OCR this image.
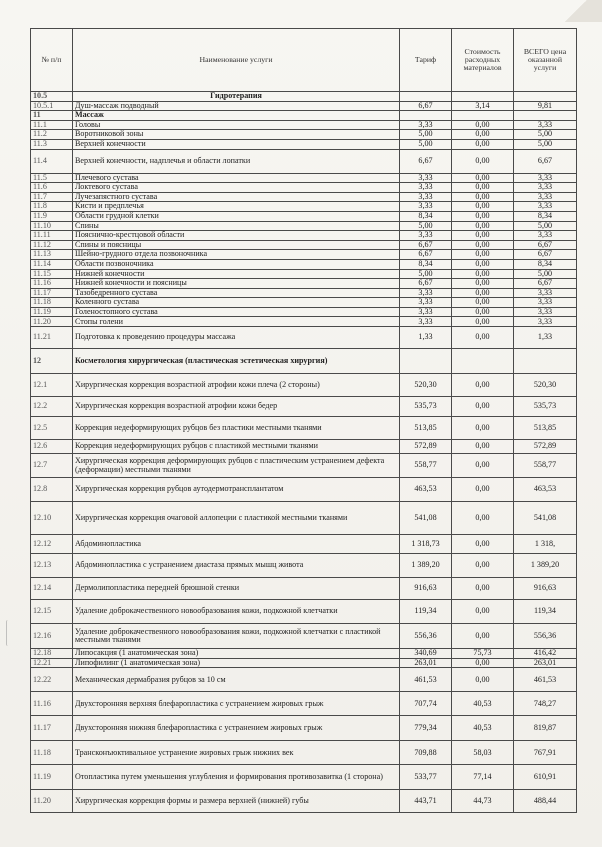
№ п/п	Наименование услуги	Тариф	Стоимость расходных материалов	ВСЕГО цена оказанной услуги
10.5	Гидротерапия			
10.5.1	Душ-массаж подводный	6,67	3,14	9,81
11	Массаж			
11.1	Головы	3,33	0,00	3,33
11.2	Воротниковой зоны	5,00	0,00	5,00
11.3	Верхней конечности	5,00	0,00	5,00
11.4	Верхней конечности, надплечья и области лопатки	6,67	0,00	6,67
11.5	Плечевого сустава	3,33	0,00	3,33
11.6	Локтевого сустава	3,33	0,00	3,33
11.7	Лучезапястного сустава	3,33	0,00	3,33
11.8	Кисти и предплечья	3,33	0,00	3,33
11.9	Области грудной клетки	8,34	0,00	8,34
11.10	Спины	5,00	0,00	5,00
11.11	Пояснично-крестцовой области	3,33	0,00	3,33
11.12	Спины и поясницы	6,67	0,00	6,67
11.13	Шейно-грудного отдела позвоночника	6,67	0,00	6,67
11.14	Области позвоночника	8,34	0,00	8,34
11.15	Нижней конечности	5,00	0,00	5,00
11.16	Нижней конечности и поясницы	6,67	0,00	6,67
11.17	Тазобедренного сустава	3,33	0,00	3,33
11.18	Коленного сустава	3,33	0,00	3,33
11.19	Голеностопного сустава	3,33	0,00	3,33
11.20	Стопы голени	3,33	0,00	3,33
11.21	Подготовка к проведению процедуры массажа	1,33	0,00	1,33
12	Косметология хирургическая (пластическая эстетическая хирургия)			
12.1	Хирургическая коррекция возрастной атрофии кожи плеча (2 стороны)	520,30	0,00	520,30
12.2	Хирургическая коррекция возрастной атрофии кожи бедер	535,73	0,00	535,73
12.5	Коррекция недеформирующих рубцов без пластики местными тканями	513,85	0,00	513,85
12.6	Коррекция недеформирующих рубцов с пластикой местными тканями	572,89	0,00	572,89
12.7	Хирургическая коррекция деформирующих рубцов с пластическим устранением дефекта (деформации) местными тканями	558,77	0,00	558,77
12.8	Хирургическая коррекция рубцов аутодермотрансплантатом	463,53	0,00	463,53
12.10	Хирургическая коррекция очаговой аллопеции с пластикой местными тканями	541,08	0,00	541,08
12.12	Абдоминопластика	1 318,73	0,00	1 318,
12.13	Абдоминопластика с устранением диастаза прямых мышц живота	1 389,20	0,00	1 389,20
12.14	Дермолипопластика передней брюшной стенки	916,63	0,00	916,63
12.15	Удаление доброкачественного новообразования кожи, подкожной клетчатки	119,34	0,00	119,34
12.16	Удаление доброкачественного новообразования кожи, подкожной клетчатки с пластикой местными тканями	556,36	0,00	556,36
12.18	Липосакция (1 анатомическая зона)	340,69	75,73	416,42
12.21	Липофилинг (1 анатомическая зона)	263,01	0,00	263,01
12.22	Механическая дермабразия рубцов за 10 см	461,53	0,00	461,53
11.16	Двухсторонняя верхняя блефаропластика с устранением жировых грыж	707,74	40,53	748,27
11.17	Двухсторонняя нижняя блефаропластика с устранением жировых грыж	779,34	40,53	819,87
11.18	Трансконъюктивальное устранение жировых грыж нижних век	709,88	58,03	767,91
11.19	Отопластика путем уменьшения углубления и формирования противозавитка (1 сторона)	533,77	77,14	610,91
11.20	Хирургическая коррекция формы и размера верхней (нижней) губы	443,71	44,73	488,44
